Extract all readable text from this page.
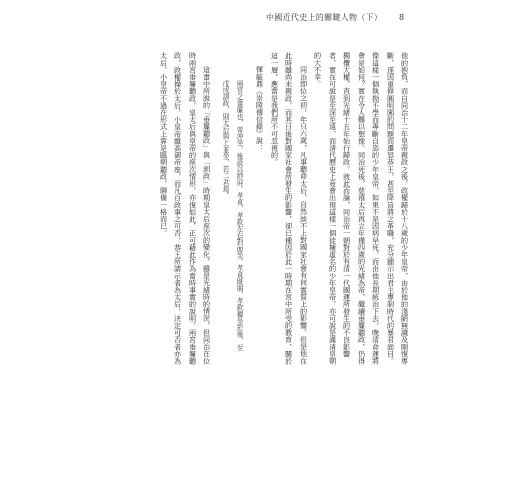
中國近代史上的關鍵人物（下） 8
他的抱負，而自同治十二年皇帝親政之後，政權歸於十八歲的少年皇帝，由於他的淺陋無識及剛愎專
斷，遂因重修圓明園的問題而遷怒恭王，甚至降旨將之革職，充分顯示出君主專制時代的暴君面目。
像這樣一個執拗不學而專斷自恣的少年皇帝，如果不是因病早死，而由他長期統治下去，晚清命運將
會是如何？實在令人難以想像。同治死後，慈禧太后再立年僅四歲的光緒為帝，繼續垂簾聽政，仍得
獨攬大權，直到光緒十五年始行歸政。就此而論，同治帝一朝對於有清一代國運所發生的不良影響
者，實在可說是至深至遠，而清代歷史上竟會出現這樣一個徒擁虛名的少年皇帝，亦可說是滿清皇朝
的大不幸。
同治即位之初，年只六歲，凡事聽命太后，自然談不上對國家社會有何實質上的影響。但是他在
此時雖尚未親政，而其日後對國家社會所發生的影響，卻已種因於此一時期在宮中所受的教育，關於
這一層，應當是我們所不可忽視的。
惲毓鼎《崇陵傳信錄》說：
兩宮之垂簾也，帝沖坐，後設以紗屏。孝貞、孝欽左右對面坐。孝貞既崩，孝欽獨坐於後。至
戊戌訓政，則太后與上並坐，若二君焉。
這書中所說的「垂簾聽政」與「訓政」時期皇太后座次的變化，雖是光緒時的情況，但同治在位
時兩宮垂簾聽政，皇太后與皇帝的座次情形，亦復如此，正可藉此作為當時事實的說明。兩宮垂簾聽
政，政權操於太后，小皇帝雖高御帝座，而凡百政事之可否，恭王所請示者為太后，決定可否者亦為
太后，小皇帝不過在形式上算是臨朝聽政，聊備一格而已。
